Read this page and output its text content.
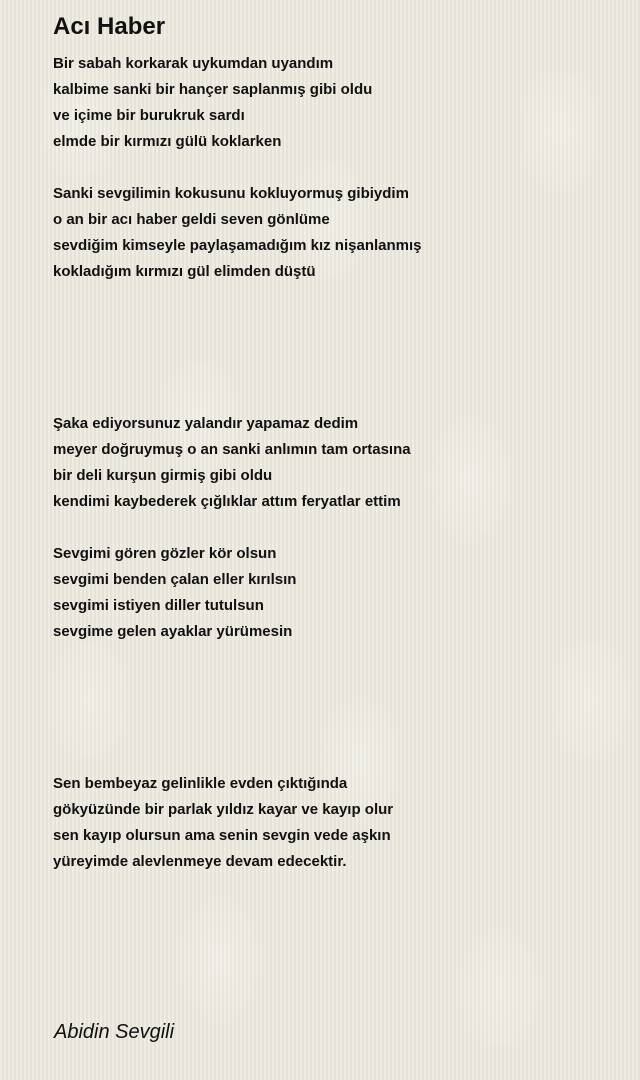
Acı Haber
Bir sabah korkarak uykumdan uyandım
kalbime sanki bir hançer saplanmış gibi oldu
ve içime bir burukruk sardı
elmde bir kırmızı gülü koklarken
Sanki sevgilimin kokusunu kokluyormuş gibiydim
o an bir acı haber geldi seven gönlüme
sevdiğim kimseyle paylaşamadığım kız nişanlanmış
kokladığım kırmızı gül elimden düştü
Şaka ediyorsunuz yalandır yapamaz dedim
meyer doğruymuş o an sanki anlımın tam ortasına
bir deli kurşun girmiş gibi oldu
kendimi kaybederek çığlıklar attım feryatlar ettim
Sevgimi gören gözler kör olsun
sevgimi benden çalan eller kırılsın
sevgimi istiyen diller tutulsun
sevgime gelen ayaklar yürümesin
Sen bembeyaz gelinlikle evden çıktığında
gökyüzünde bir parlak yıldız kayar ve kayıp olur
sen kayıp olursun ama senin sevgin vede aşkın
yüreyimde alevlenmeye devam edecektir.
Abidin Sevgili
